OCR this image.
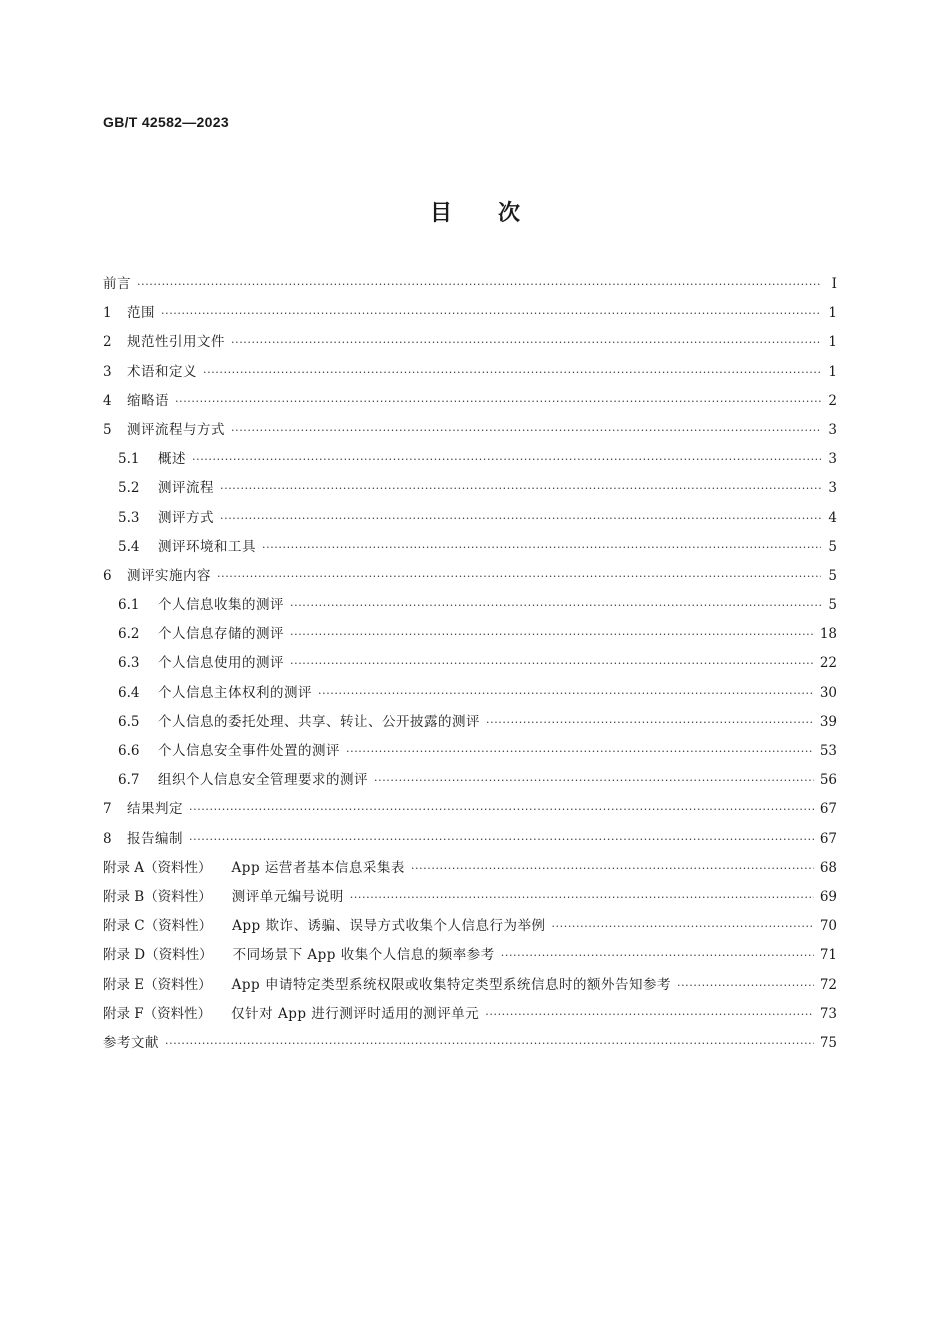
GB/T 42582—2023
目 次
前言 ·····	Ⅰ
1	范围 ·····	1
2	规范性引用文件 ·····	1
3	术语和定义 ·····	1
4	缩略语 ·····	2
5	测评流程与方式 ·····	3
5.1	概述 ·····	3
5.2	测评流程 ·····	3
5.3	测评方式 ·····	4
5.4	测评环境和工具 ·····	5
6	测评实施内容 ·····	5
6.1	个人信息收集的测评 ·····	5
6.2	个人信息存储的测评 ·····	18
6.3	个人信息使用的测评 ·····	22
6.4	个人信息主体权利的测评 ·····	30
6.5	个人信息的委托处理、共享、转让、公开披露的测评 ·····	39
6.6	个人信息安全事件处置的测评 ·····	53
6.7	组织个人信息安全管理要求的测评 ·····	56
7	结果判定 ·····	67
8	报告编制 ·····	67
附录 A（资料性） App 运营者基本信息采集表 ·····	68
附录 B（资料性） 测评单元编号说明 ·····	69
附录 C（资料性） App 欺诈、诱骗、误导方式收集个人信息行为举例 ·····	70
附录 D（资料性） 不同场景下 App 收集个人信息的频率参考 ·····	71
附录 E（资料性） App 申请特定类型系统权限或收集特定类型系统信息时的额外告知参考 ·····	72
附录 F（资料性） 仅针对 App 进行测评时适用的测评单元 ·····	73
参考文献 ·····	75
